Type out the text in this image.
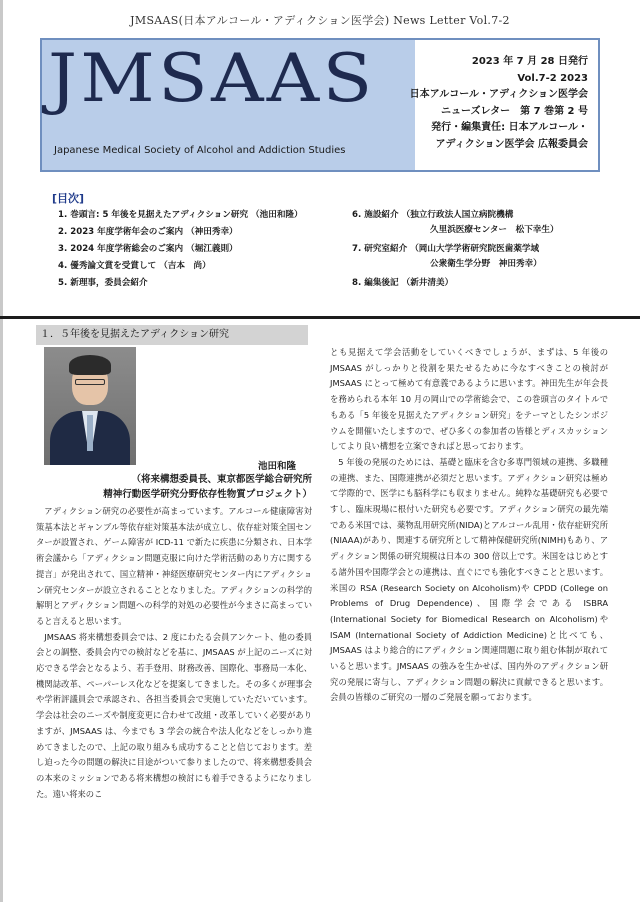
JMSAAS(日本アルコール・アディクション医学会) News Letter Vol.7-2
JMSAAS
Japanese Medical Society of Alcohol and Addiction Studies
2023 年 7 月 28 日発行
Vol.7-2 2023
日本アルコール・アディクション医学会
ニューズレター　第 7 巻第 2 号
発行・編集責任: 日本アルコール・
アディクション医学会 広報委員会
[目次]
1. 巻頭言: 5 年後を見据えたアディクション研究 （池田和隆）
2. 2023 年度学術年会のご案内 （神田秀幸）
3. 2024 年度学術総会のご案内 （堀江義則）
4. 優秀論文賞を受賞して （吉本　尚）
5. 新理事，委員会紹介
6. 施設紹介 （独立行政法人国立病院機構
久里浜医療センター　松下幸生）
7. 研究室紹介 （岡山大学学術研究院医歯薬学域
公衆衛生学分野　神田秀幸）
8. 編集後記 （新井清美）
１．５年後を見据えたアディクション研究
池田和隆
（将来構想委員長、東京都医学総合研究所
精神行動医学研究分野依存性物質プロジェクト）

アディクション研究の必要性が高まっています。アルコール健康障害対策基本法とギャンブル等依存症対策基本法が成立し、依存症対策全国センターが設置され、ゲーム障害が ICD-11 で新たに疾患に分類され、日本学術会議から「アディクション問題克服に向けた学術活動のあり方に関する提言」が発出されて、国立精神・神経医療研究センター内にアディクション研究センターが設立されることとなりました。アディクションの科学的解明とアディクション問題への科学的対処の必要性が今まさに高まっていると言えると思います。

JMSAAS 将来構想委員会では、2 度にわたる会員アンケート、他の委員会との調整、委員会内での検討などを基に、JMSAAS が上記のニーズに対応できる学会となるよう、若手登用、財務改善、国際化、事務局一本化、機関誌改革、ペーパーレス化などを提案してきました。その多くが理事会や学術評議員会で承認され、各担当委員会で実施していただいています。学会は社会のニーズや制度変更に合わせて改組・改革していく必要がありますが、JMSAAS は、今までも 3 学会の統合や法人化などをしっかり進めてきましたので、上記の取り組みも成功することと信じております。差し迫った今の問題の解決に目途がついて参りましたので、将来構想委員会の本来のミッションである将来構想の検討にも着手できるようになりました。遠い将来のこ

とも見据えて学会活動をしていくべきでしょうが、まずは、5 年後の JMSAAS がしっかりと役割を果たせるために今なすべきことの検討が JMSAAS にとって極めて有意義であるように思います。神田先生が年会長を務められる本年 10 月の岡山での学術総会で、この巻頭言のタイトルでもある「5 年後を見据えたアディクション研究」をテーマとしたシンポジウムを開催いたしますので、ぜひ多くの参加者の皆様とディスカッションしてより良い構想を立案できればと思っております。

5 年後の発展のためには、基礎と臨床を含む多専門領域の連携、多職種の連携、また、国際連携が必須だと思います。アディクション研究は極めて学際的で、医学にも脳科学にも収まりません。純粋な基礎研究も必要ですし、臨床現場に根付いた研究も必要です。アディクション研究の最先端である米国では、薬物乱用研究所(NIDA)とアルコール乱用・依存症研究所(NIAAA)があり、関連する研究所として精神保健研究所(NIMH)もあり、アディクション関係の研究規模は日本の 300 倍以上です。米国をはじめとする諸外国や国際学会との連携は、直ぐにでも強化すべきことと思います。米国の RSA (Research Society on Alcoholism)や CPDD (College on Problems of Drug Dependence)、国際学会である ISBRA (International Society for Biomedical Research on Alcoholism)や ISAM (International Society of Addiction Medicine)と比べても、JMSAAS はより総合的にアディクション関連問題に取り組む体制が取れていると思います。JMSAAS の強みを生かせば、国内外のアディクション研究の発展に寄与し、アディクション問題の解決に貢献できると思います。会員の皆様のご研究の一層のご発展を願っております。
